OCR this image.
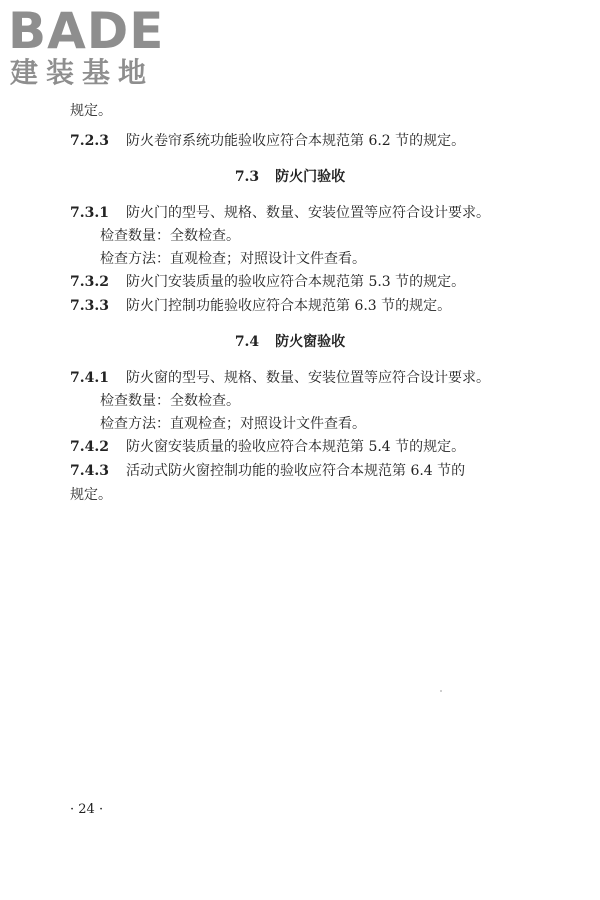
BADE
建装基地
规定。
7.2.3 防火卷帘系统功能验收应符合本规范第 6.2 节的规定。
7.3 防火门验收
7.3.1 防火门的型号、规格、数量、安装位置等应符合设计要求。
检查数量：全数检查。
检查方法：直观检查；对照设计文件查看。
7.3.2 防火门安装质量的验收应符合本规范第 5.3 节的规定。
7.3.3 防火门控制功能验收应符合本规范第 6.3 节的规定。
7.4 防火窗验收
7.4.1 防火窗的型号、规格、数量、安装位置等应符合设计要求。
检查数量：全数检查。
检查方法：直观检查；对照设计文件查看。
7.4.2 防火窗安装质量的验收应符合本规范第 5.4 节的规定。
7.4.3 活动式防火窗控制功能的验收应符合本规范第 6.4 节的
规定。
· 24 ·
